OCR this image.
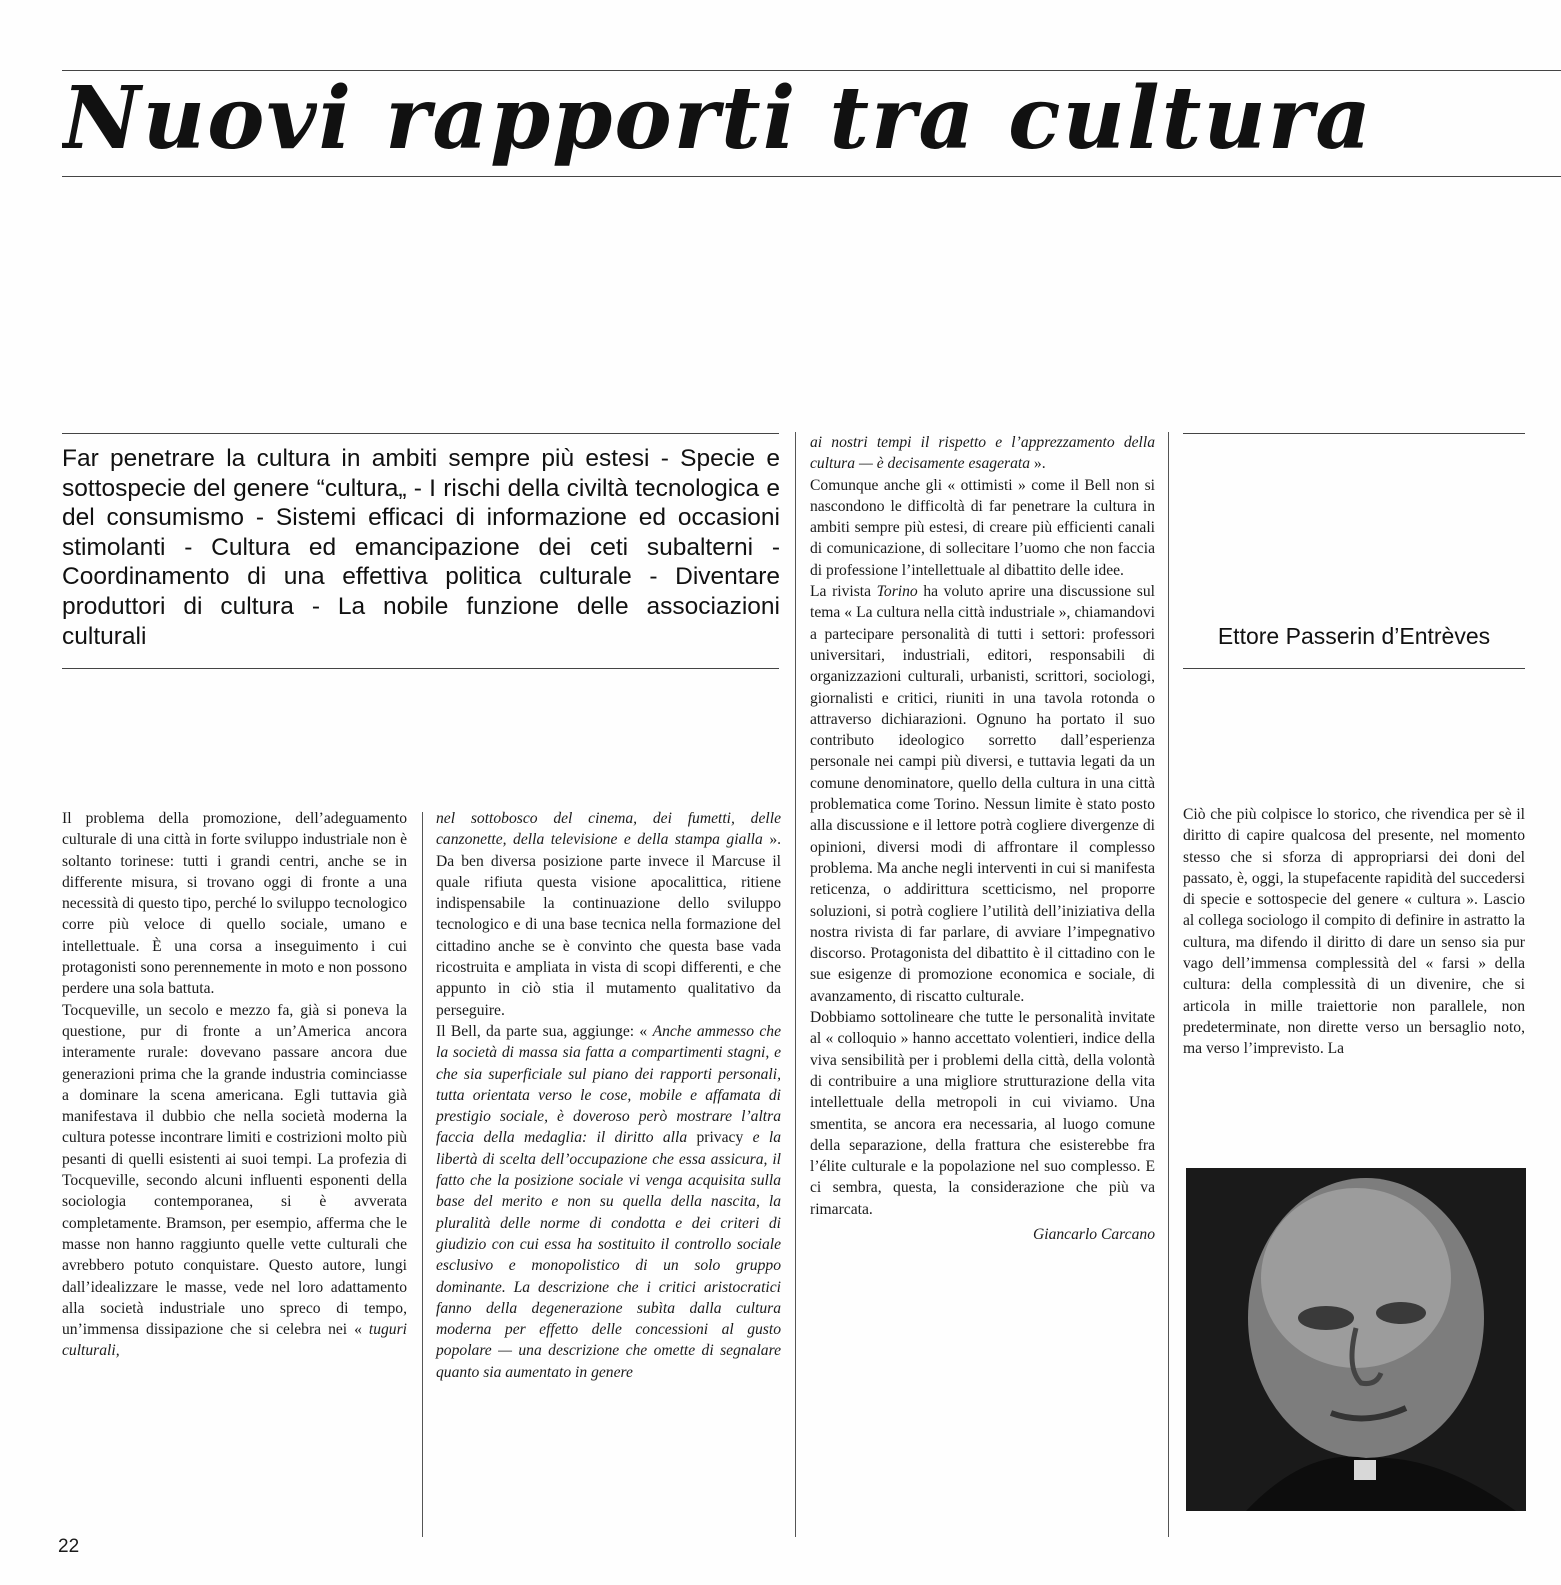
Nuovi rapporti tra cultura

Far penetrare la cultura in ambiti sempre più estesi - Specie e sottospecie del genere “cultura„ - I rischi della civiltà tecnologica e del consumismo - Sistemi efficaci di informazione ed occasioni stimolanti - Cultura ed emancipazione dei ceti subalterni - Coordinamento di una effettiva politica culturale - Diventare produttori di cultura - La nobile funzione delle associazioni culturali

Il problema della promozione, dell’adeguamento culturale di una città in forte sviluppo industriale non è soltanto torinese: tutti i grandi centri, anche se in differente misura, si trovano oggi di fronte a una necessità di questo tipo, perché lo sviluppo tecnologico corre più veloce di quello sociale, umano e intellettuale. È una corsa a inseguimento i cui protagonisti sono perennemente in moto e non possono perdere una sola battuta.

Tocqueville, un secolo e mezzo fa, già si poneva la questione, pur di fronte a un’America ancora interamente rurale: dovevano passare ancora due generazioni prima che la grande industria cominciasse a dominare la scena americana. Egli tuttavia già manifestava il dubbio che nella società moderna la cultura potesse incontrare limiti e costrizioni molto più pesanti di quelli esistenti ai suoi tempi. La profezia di Tocqueville, secondo alcuni influenti esponenti della sociologia contemporanea, si è avverata completamente. Bramson, per esempio, afferma che le masse non hanno raggiunto quelle vette culturali che avrebbero potuto conquistare. Questo autore, lungi dall’idealizzare le masse, vede nel loro adattamento alla società industriale uno spreco di tempo, un’immensa dissipazione che si celebra nei « tuguri culturali,

nel sottobosco del cinema, dei fumetti, delle canzonette, della televisione e della stampa gialla ». Da ben diversa posizione parte invece il Marcuse il quale rifiuta questa visione apocalittica, ritiene indispensabile la continuazione dello sviluppo tecnologico e di una base tecnica nella formazione del cittadino anche se è convinto che questa base vada ricostruita e ampliata in vista di scopi differenti, e che appunto in ciò stia il mutamento qualitativo da perseguire.

Il Bell, da parte sua, aggiunge: « Anche ammesso che la società di massa sia fatta a compartimenti stagni, e che sia superficiale sul piano dei rapporti personali, tutta orientata verso le cose, mobile e affamata di prestigio sociale, è doveroso però mostrare l’altra faccia della medaglia: il diritto alla privacy e la libertà di scelta dell’occupazione che essa assicura, il fatto che la posizione sociale vi venga acquisita sulla base del merito e non su quella della nascita, la pluralità delle norme di condotta e dei criteri di giudizio con cui essa ha sostituito il controllo sociale esclusivo e monopolistico di un solo gruppo dominante. La descrizione che i critici aristocratici fanno della degenerazione subìta dalla cultura moderna per effetto delle concessioni al gusto popolare — una descrizione che omette di segnalare quanto sia aumentato in genere

ai nostri tempi il rispetto e l’apprezzamento della cultura — è decisamente esagerata ».

Comunque anche gli « ottimisti » come il Bell non si nascondono le difficoltà di far penetrare la cultura in ambiti sempre più estesi, di creare più efficienti canali di comunicazione, di sollecitare l’uomo che non faccia di professione l’intellettuale al dibattito delle idee.

La rivista Torino ha voluto aprire una discussione sul tema « La cultura nella città industriale », chiamandovi a partecipare personalità di tutti i settori: professori universitari, industriali, editori, responsabili di organizzazioni culturali, urbanisti, scrittori, sociologi, giornalisti e critici, riuniti in una tavola rotonda o attraverso dichiarazioni. Ognuno ha portato il suo contributo ideologico sorretto dall’esperienza personale nei campi più diversi, e tuttavia legati da un comune denominatore, quello della cultura in una città problematica come Torino. Nessun limite è stato posto alla discussione e il lettore potrà cogliere divergenze di opinioni, diversi modi di affrontare il complesso problema. Ma anche negli interventi in cui si manifesta reticenza, o addirittura scetticismo, nel proporre soluzioni, si potrà cogliere l’utilità dell’iniziativa della nostra rivista di far parlare, di avviare l’impegnativo discorso. Protagonista del dibattito è il cittadino con le sue esigenze di promozione economica e sociale, di avanzamento, di riscatto culturale.

Dobbiamo sottolineare che tutte le personalità invitate al « colloquio » hanno accettato volentieri, indice della viva sensibilità per i problemi della città, della volontà di contribuire a una migliore strutturazione della vita intellettuale della metropoli in cui viviamo. Una smentita, se ancora era necessaria, al luogo comune della separazione, della frattura che esisterebbe fra l’élite culturale e la popolazione nel suo complesso. E ci sembra, questa, la considerazione che più va rimarcata.

Giancarlo Carcano

Ettore Passerin d’Entrèves

Ciò che più colpisce lo storico, che rivendica per sè il diritto di capire qualcosa del presente, nel momento stesso che si sforza di appropriarsi dei doni del passato, è, oggi, la stupefacente rapidità del succedersi di specie e sottospecie del genere « cultura ». Lascio al collega sociologo il compito di definire in astratto la cultura, ma difendo il diritto di dare un senso sia pur vago dell’immensa complessità del « farsi » della cultura: della complessità di un divenire, che si articola in mille traiettorie non parallele, non predeterminate, non dirette verso un bersaglio noto, ma verso l’imprevisto. La

22
